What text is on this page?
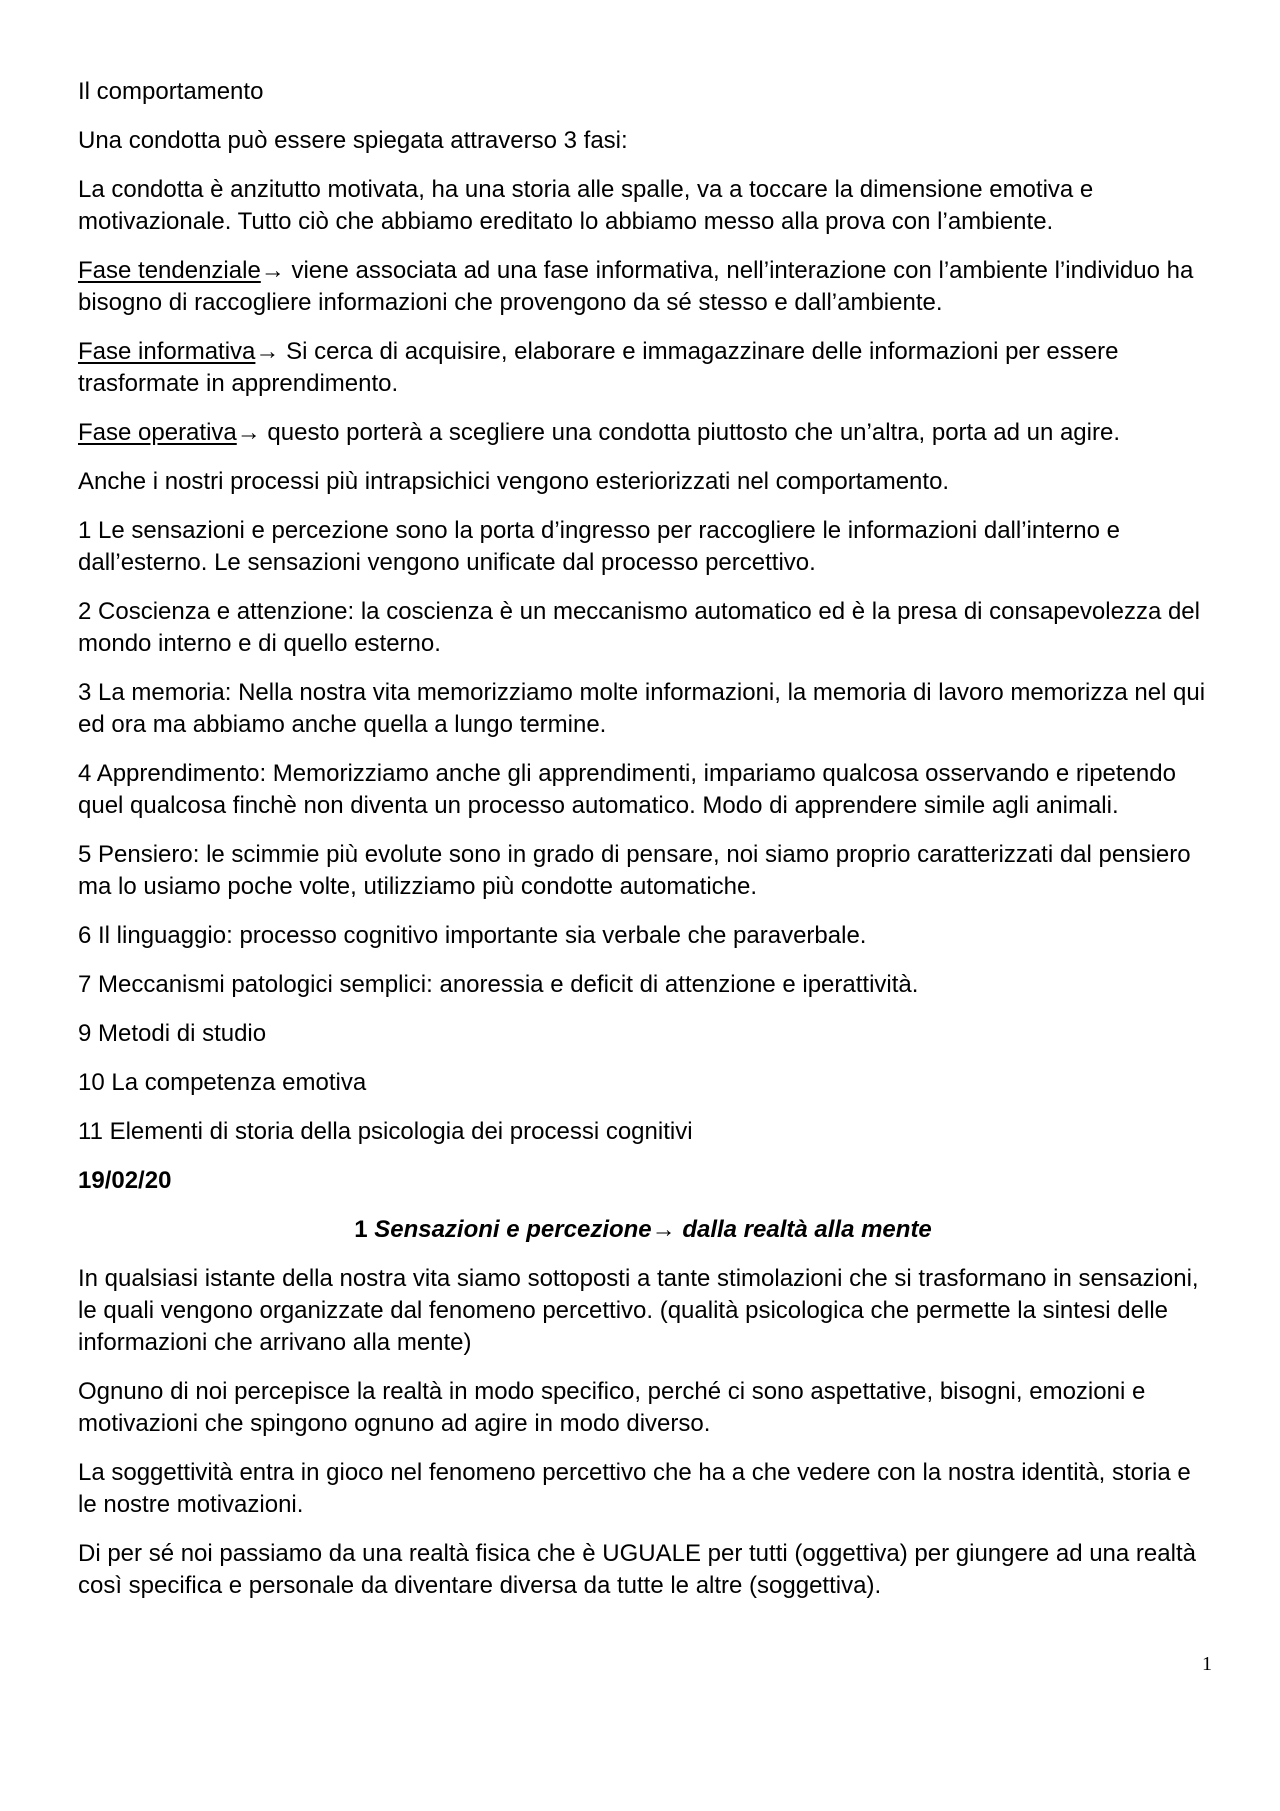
Il comportamento

Una condotta può essere spiegata attraverso 3 fasi:

La condotta è anzitutto motivata, ha una storia alle spalle, va a toccare la dimensione emotiva e motivazionale. Tutto ciò che abbiamo ereditato lo abbiamo messo alla prova con l’ambiente.

Fase tendenziale→ viene associata ad una fase informativa, nell’interazione con l’ambiente l’individuo ha bisogno di raccogliere informazioni che provengono da sé stesso e dall’ambiente.

Fase informativa→ Si cerca di acquisire, elaborare e immagazzinare delle informazioni per essere trasformate in apprendimento.

Fase operativa→ questo porterà a scegliere una condotta piuttosto che un’altra, porta ad un agire.

Anche i nostri processi più intrapsichici vengono esteriorizzati nel comportamento.

1 Le sensazioni e percezione sono la porta d’ingresso per raccogliere le informazioni dall’interno e dall’esterno. Le sensazioni vengono unificate dal processo percettivo.

2 Coscienza e attenzione: la coscienza è un meccanismo automatico ed è la presa di consapevolezza del mondo interno e di quello esterno.

3 La memoria: Nella nostra vita memorizziamo molte informazioni, la memoria di lavoro memorizza nel qui ed ora ma abbiamo anche quella a lungo termine.

4 Apprendimento: Memorizziamo anche gli apprendimenti, impariamo qualcosa osservando e ripetendo quel qualcosa finchè non diventa un processo automatico. Modo di apprendere simile agli animali.

5 Pensiero: le scimmie più evolute sono in grado di pensare, noi siamo proprio caratterizzati dal pensiero ma lo usiamo poche volte, utilizziamo più condotte automatiche.

6 Il linguaggio: processo cognitivo importante sia verbale che paraverbale.

7 Meccanismi patologici semplici: anoressia e deficit di attenzione e iperattività.

9 Metodi di studio

10 La competenza emotiva

11 Elementi di storia della psicologia dei processi cognitivi

19/02/20

1 Sensazioni e percezione→ dalla realtà alla mente

In qualsiasi istante della nostra vita siamo sottoposti a tante stimolazioni che si trasformano in sensazioni, le quali vengono organizzate dal fenomeno percettivo. (qualità psicologica che permette la sintesi delle informazioni che arrivano alla mente)

Ognuno di noi percepisce la realtà in modo specifico, perché ci sono aspettative, bisogni, emozioni e motivazioni che spingono ognuno ad agire in modo diverso.

La soggettività entra in gioco nel fenomeno percettivo che ha a che vedere con la nostra identità, storia e le nostre motivazioni.

Di per sé noi passiamo da una realtà fisica che è UGUALE per tutti (oggettiva) per giungere ad una realtà così specifica e personale da diventare diversa da tutte le altre (soggettiva).

1
